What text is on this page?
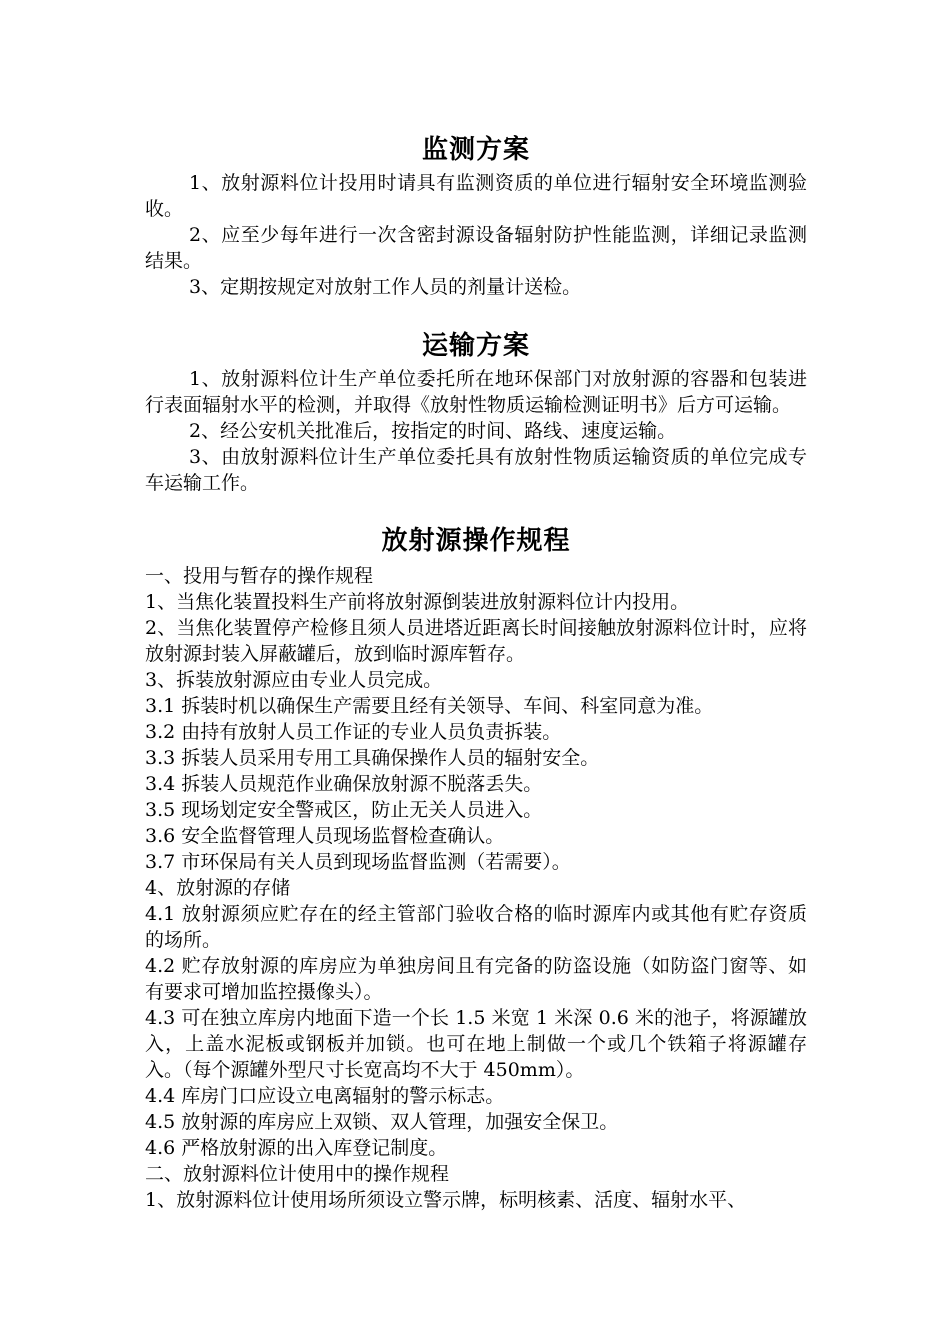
监测方案

1、放射源料位计投用时请具有监测资质的单位进行辐射安全环境监测验收。

2、应至少每年进行一次含密封源设备辐射防护性能监测，详细记录监测结果。

3、定期按规定对放射工作人员的剂量计送检。

运输方案

1、放射源料位计生产单位委托所在地环保部门对放射源的容器和包装进行表面辐射水平的检测，并取得《放射性物质运输检测证明书》后方可运输。

2、经公安机关批准后，按指定的时间、路线、速度运输。

3、由放射源料位计生产单位委托具有放射性物质运输资质的单位完成专车运输工作。

放射源操作规程

一、投用与暂存的操作规程

1、当焦化装置投料生产前将放射源倒装进放射源料位计内投用。

2、当焦化装置停产检修且须人员进塔近距离长时间接触放射源料位计时，应将放射源封装入屏蔽罐后，放到临时源库暂存。

3、拆装放射源应由专业人员完成。

3.1 拆装时机以确保生产需要且经有关领导、车间、科室同意为准。

3.2 由持有放射人员工作证的专业人员负责拆装。

3.3 拆装人员采用专用工具确保操作人员的辐射安全。

3.4 拆装人员规范作业确保放射源不脱落丢失。

3.5 现场划定安全警戒区，防止无关人员进入。

3.6 安全监督管理人员现场监督检查确认。

3.7 市环保局有关人员到现场监督监测（若需要）。

4、放射源的存储

4.1 放射源须应贮存在的经主管部门验收合格的临时源库内或其他有贮存资质的场所。

4.2 贮存放射源的库房应为单独房间且有完备的防盗设施（如防盗门窗等、如有要求可增加监控摄像头）。

4.3 可在独立库房内地面下造一个长 1.5 米宽 1 米深 0.6 米的池子，将源罐放入，上盖水泥板或钢板并加锁。也可在地上制做一个或几个铁箱子将源罐存入。（每个源罐外型尺寸长宽高均不大于 450mm）。

4.4 库房门口应设立电离辐射的警示标志。

4.5 放射源的库房应上双锁、双人管理，加强安全保卫。

4.6 严格放射源的出入库登记制度。

二、放射源料位计使用中的操作规程

1、放射源料位计使用场所须设立警示牌，标明核素、活度、辐射水平、
